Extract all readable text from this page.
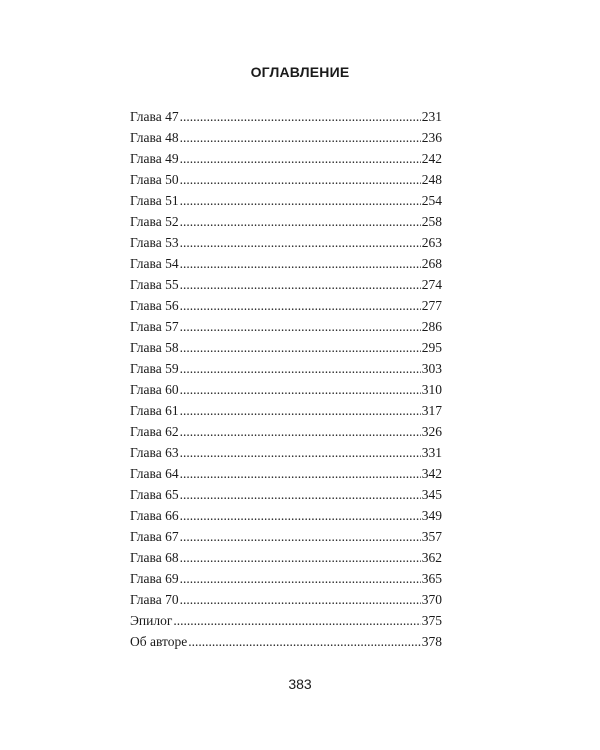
ОГЛАВЛЕНИЕ
Глава 47 .....	231
Глава 48 .....	236
Глава 49 .....	242
Глава 50 .....	248
Глава 51 .....	254
Глава 52 .....	258
Глава 53 .....	263
Глава 54 .....	268
Глава 55 .....	274
Глава 56 .....	277
Глава 57 .....	286
Глава 58 .....	295
Глава 59 .....	303
Глава 60 .....	310
Глава 61 .....	317
Глава 62 .....	326
Глава 63 .....	331
Глава 64 .....	342
Глава 65 .....	345
Глава 66 .....	349
Глава 67 .....	357
Глава 68 .....	362
Глава 69 .....	365
Глава 70 .....	370
Эпилог .....	375
Об авторе .....	378

383
